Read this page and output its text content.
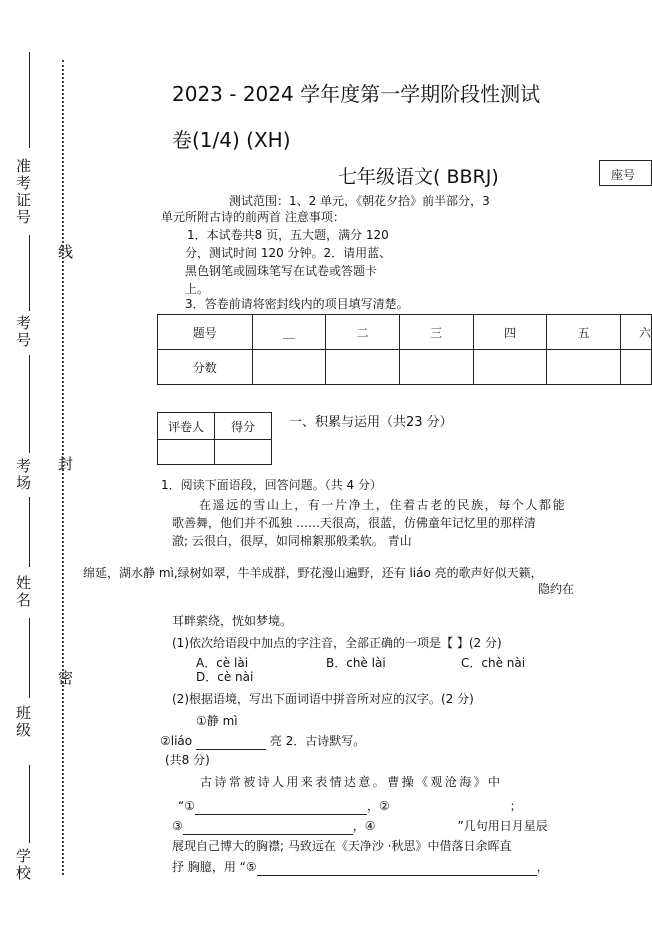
准考证号
考号
考场
姓名
班级
学校
线
封
密
2023 - 2024 学年度第一学期阶段性测试
卷(1/4) (XH)
七年级语文( BBRJ)	座号
测试范围：1、2 单元，《朝花夕拾》前半部分，3
单元所附古诗的前两首 注意事项：
1．本试卷共8 页，五大题，满分 120
分，测试时间 120 分钟。2．请用蓝、
黑色钢笔或圆珠笔写在试卷或答题卡
上。
3．答卷前请将密封线内的项目填写清楚。
题号	＿	二	三	四	五	六
分数						
评卷人	得分
		一、积累与运用（共23 分）
1．阅读下面语段，回答问题。（共 4 分）
在遥远的雪山上，有一片净土，住着古老的民族，每个人都能
歌善舞，他们并不孤独 ……天很高，很蓝，仿佛童年记忆里的那样清
澈; 云很白，很厚，如同棉絮那般柔软。 青山
绵延，湖水静 mì,绿树如翠，牛羊成群，野花漫山遍野，还有 liáo 亮的歌声好似天籁，
隐约在
耳畔萦绕，恍如梦境。
(1)依次给语段中加点的字注音，全部正确的一项是【 】(2 分)
A．cè lài	B．chè lài	C．chè nài
D．cè nài
(2)根据语境，写出下面词语中拼音所对应的汉字。(2 分)
①静 mì
②liáo	亮 2．古诗默写。
(共8 分)
古诗常被诗人用来表情达意。曹操《观沧海》中
“①	，②	；
③	，④	”几句用日月星辰
展现自己博大的胸襟; 马致远在《天净沙 ·秋思》中借落日余晖直
抒 胸臆，用 “⑤	，
